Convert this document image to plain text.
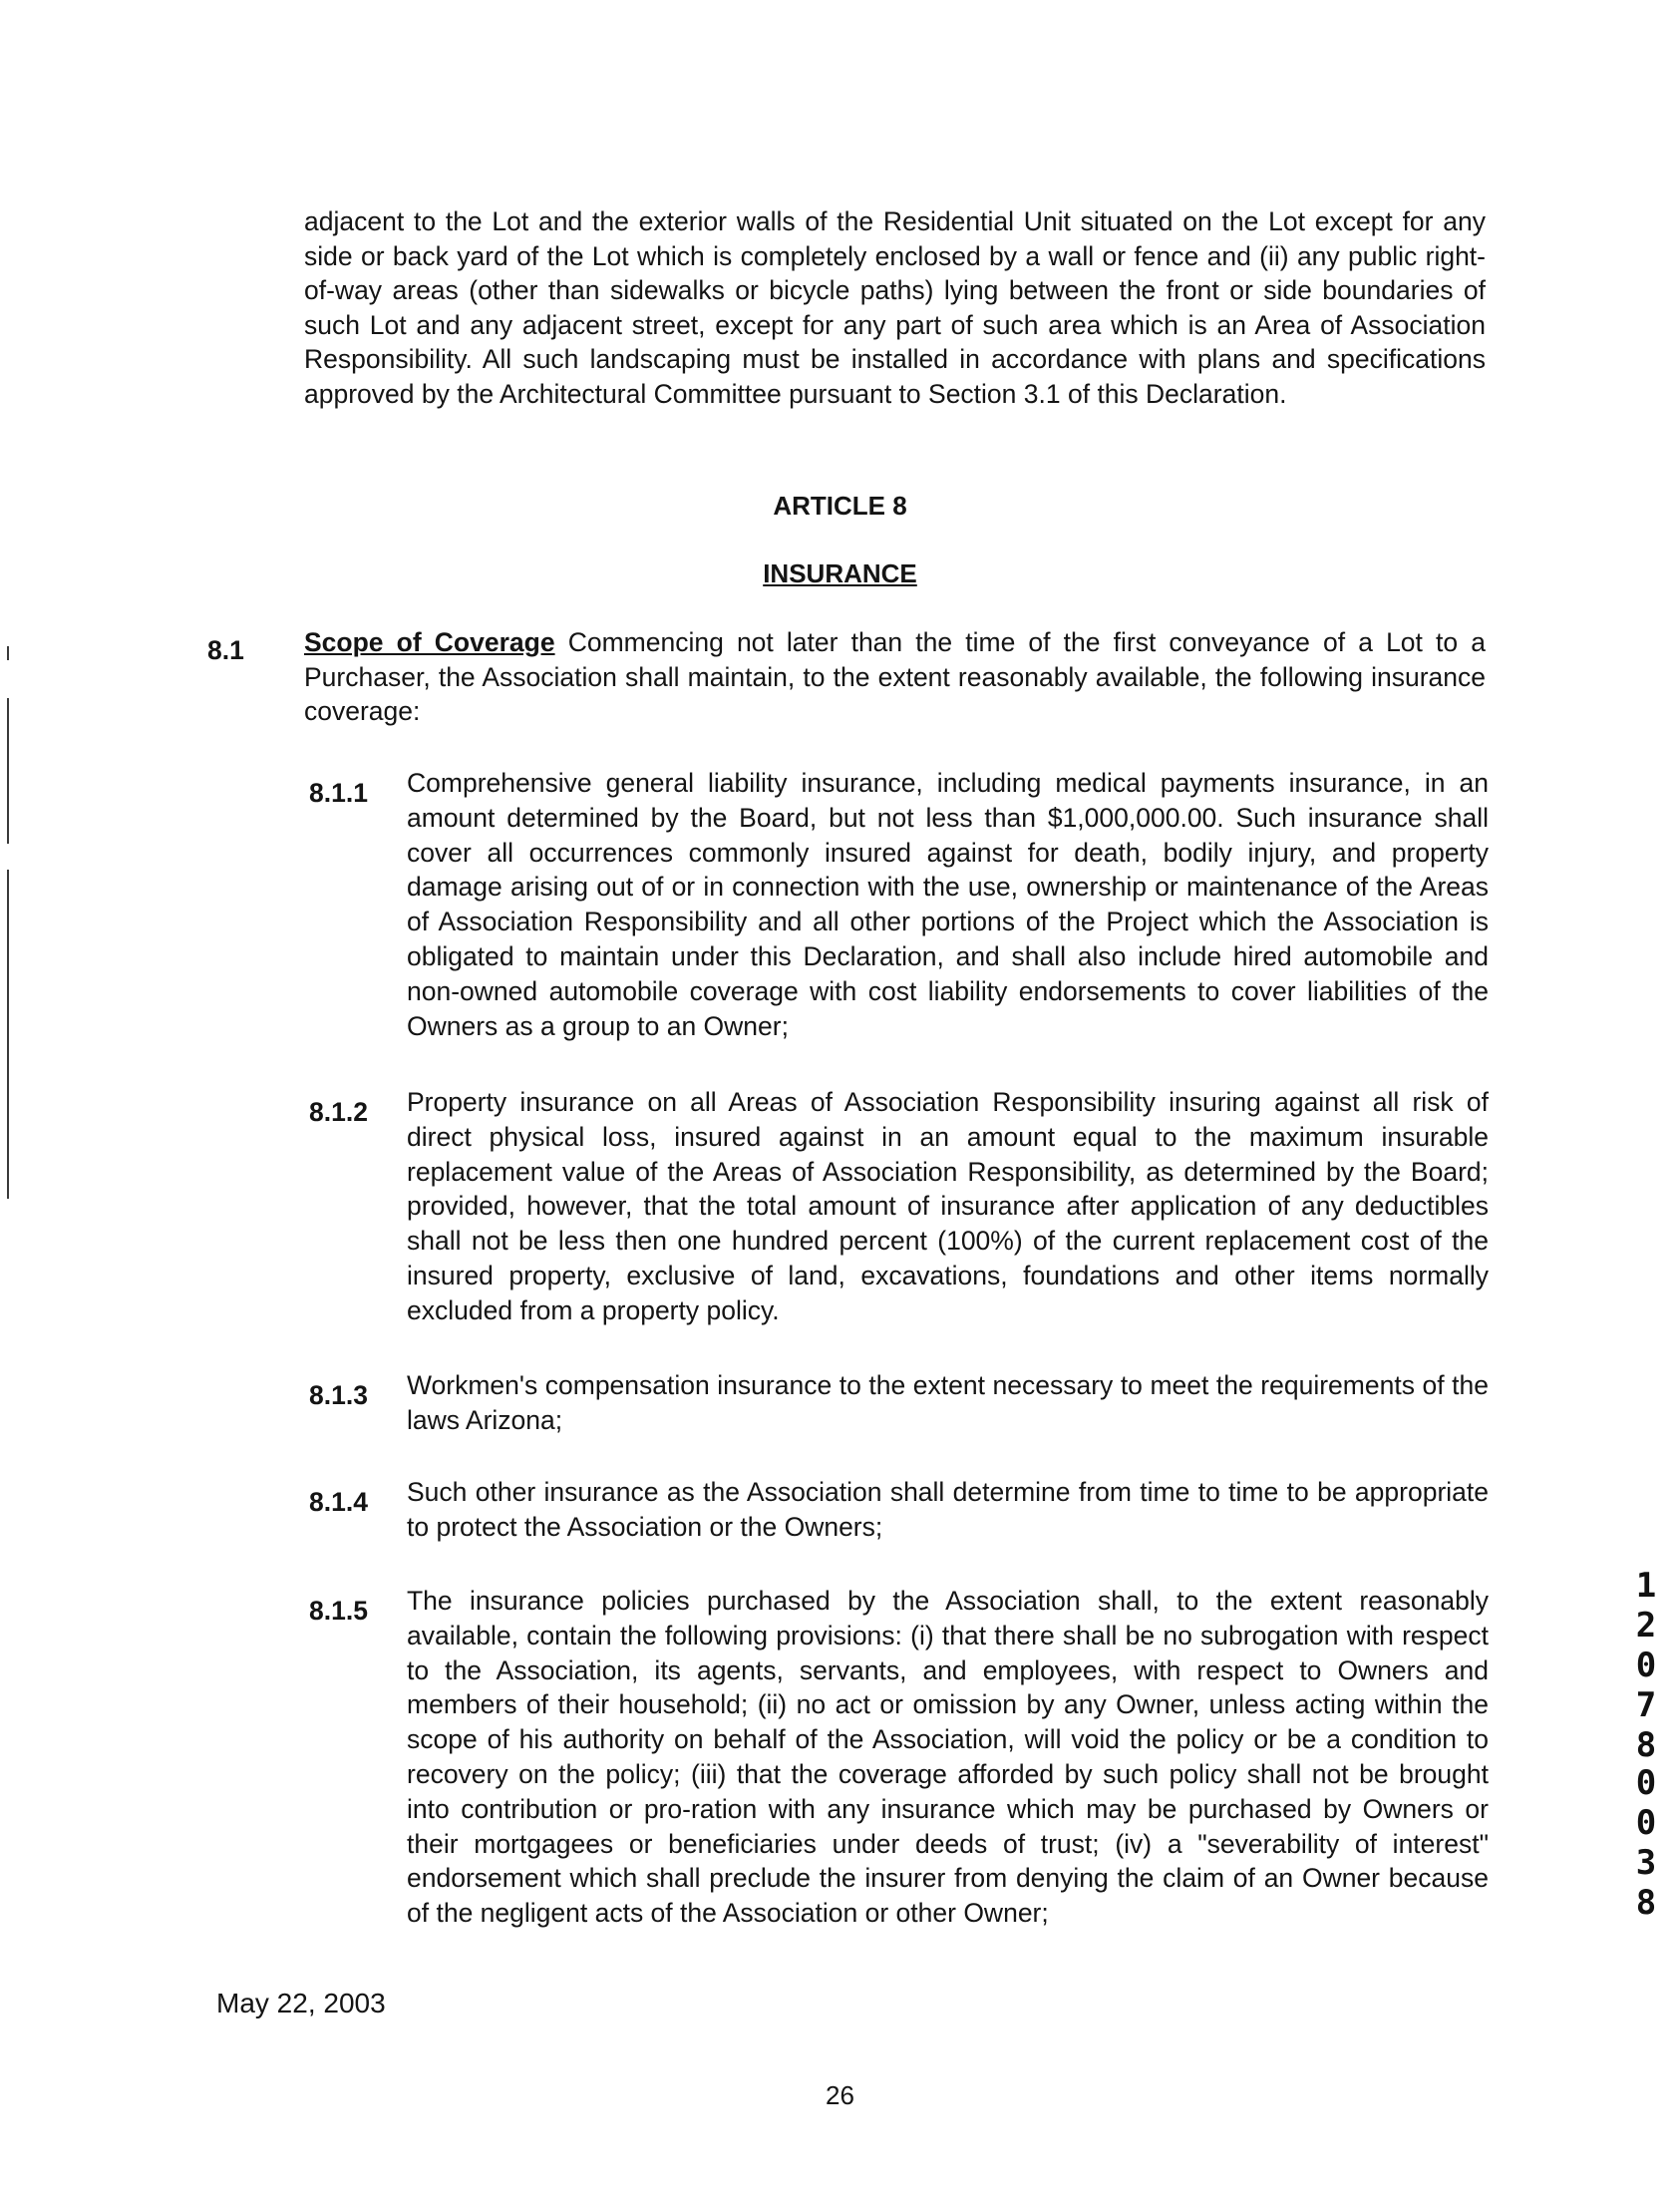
adjacent to the Lot and the exterior walls of the Residential Unit situated on the Lot except for any side or back yard of the Lot which is completely enclosed by a wall or fence and (ii) any public right-of-way areas (other than sidewalks or bicycle paths) lying between the front or side boundaries of such Lot and any adjacent street, except for any part of such area which is an Area of Association Responsibility. All such landscaping must be installed in accordance with plans and specifications approved by the Architectural Committee pursuant to Section 3.1 of this Declaration.

ARTICLE 8
INSURANCE
8.1 Scope of Coverage Commencing not later than the time of the first conveyance of a Lot to a Purchaser, the Association shall maintain, to the extent reasonably available, the following insurance coverage:

8.1.1 Comprehensive general liability insurance, including medical payments insurance, in an amount determined by the Board, but not less than $1,000,000.00. Such insurance shall cover all occurrences commonly insured against for death, bodily injury, and property damage arising out of or in connection with the use, ownership or maintenance of the Areas of Association Responsibility and all other portions of the Project which the Association is obligated to maintain under this Declaration, and shall also include hired automobile and non-owned automobile coverage with cost liability endorsements to cover liabilities of the Owners as a group to an Owner;

8.1.2 Property insurance on all Areas of Association Responsibility insuring against all risk of direct physical loss, insured against in an amount equal to the maximum insurable replacement value of the Areas of Association Responsibility, as determined by the Board; provided, however, that the total amount of insurance after application of any deductibles shall not be less then one hundred percent (100%) of the current replacement cost of the insured property, exclusive of land, excavations, foundations and other items normally excluded from a property policy.

8.1.3 Workmen's compensation insurance to the extent necessary to meet the requirements of the laws Arizona;

8.1.4 Such other insurance as the Association shall determine from time to time to be appropriate to protect the Association or the Owners;

8.1.5 The insurance policies purchased by the Association shall, to the extent reasonably available, contain the following provisions: (i) that there shall be no subrogation with respect to the Association, its agents, servants, and employees, with respect to Owners and members of their household; (ii) no act or omission by any Owner, unless acting within the scope of his authority on behalf of the Association, will void the policy or be a condition to recovery on the policy; (iii) that the coverage afforded by such policy shall not be brought into contribution or pro-ration with any insurance which may be purchased by Owners or their mortgagees or beneficiaries under deeds of trust; (iv) a "severability of interest" endorsement which shall preclude the insurer from denying the claim of an Owner because of the negligent acts of the Association or other Owner;

May 22, 2003
26
1
2
0
7
8
0
0
3
8
